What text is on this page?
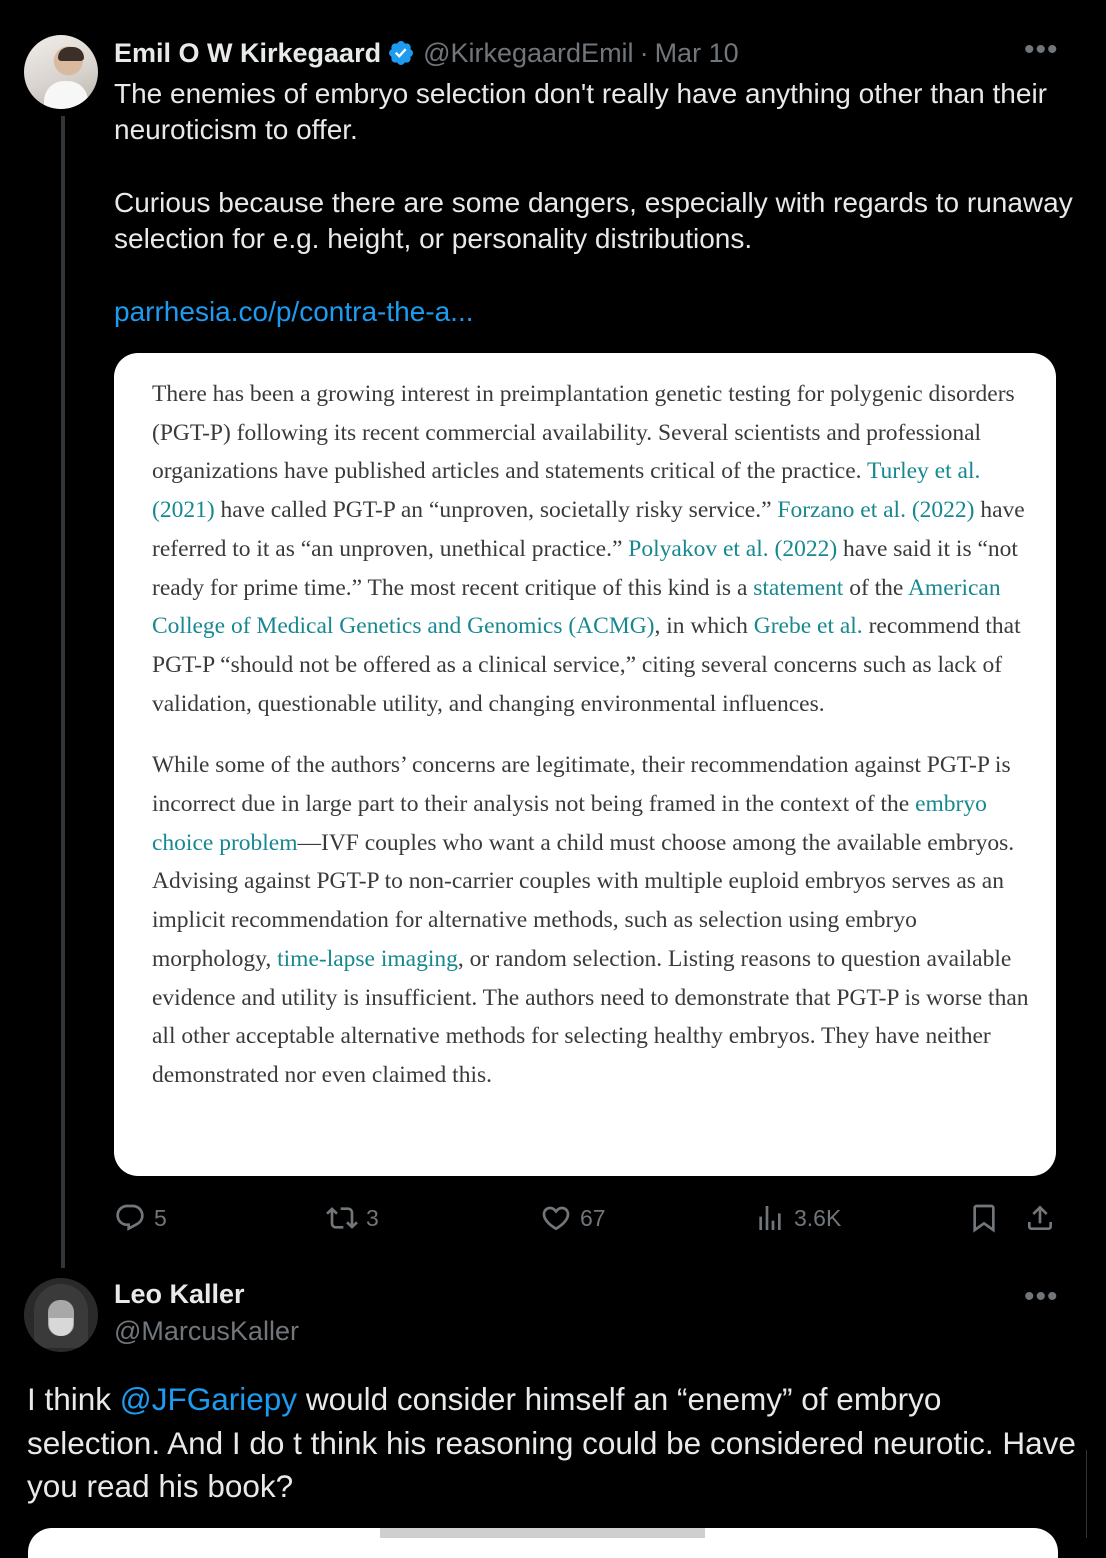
Emil O W Kirkegaard @KirkegaardEmil · Mar 10	•••

The enemies of embryo selection don't really have anything other than their neuroticism to offer.

Curious because there are some dangers, especially with regards to runaway selection for e.g. height, or personality distributions.

parrhesia.co/p/contra-the-a...

There has been a growing interest in preimplantation genetic testing for polygenic disorders (PGT-P) following its recent commercial availability. Several scientists and professional organizations have published articles and statements critical of the practice. Turley et al. (2021) have called PGT-P an “unproven, societally risky service.” Forzano et al. (2022) have referred to it as “an unproven, unethical practice.” Polyakov et al. (2022) have said it is “not ready for prime time.” The most recent critique of this kind is a statement of the American College of Medical Genetics and Genomics (ACMG), in which Grebe et al. recommend that PGT-P “should not be offered as a clinical service,” citing several concerns such as lack of validation, questionable utility, and changing environmental influences.

While some of the authors’ concerns are legitimate, their recommendation against PGT-P is incorrect due in large part to their analysis not being framed in the context of the embryo choice problem—IVF couples who want a child must choose among the available embryos. Advising against PGT-P to non-carrier couples with multiple euploid embryos serves as an implicit recommendation for alternative methods, such as selection using embryo morphology, time-lapse imaging, or random selection. Listing reasons to question available evidence and utility is insufficient. The authors need to demonstrate that PGT-P is worse than all other acceptable alternative methods for selecting healthy embryos. They have neither demonstrated nor even claimed this.

5	3	67	3.6K
Leo Kaller
@MarcusKaller
•••

I think @JFGariepy would consider himself an “enemy” of embryo selection. And I do t think his reasoning could be considered neurotic. Have you read his book?
